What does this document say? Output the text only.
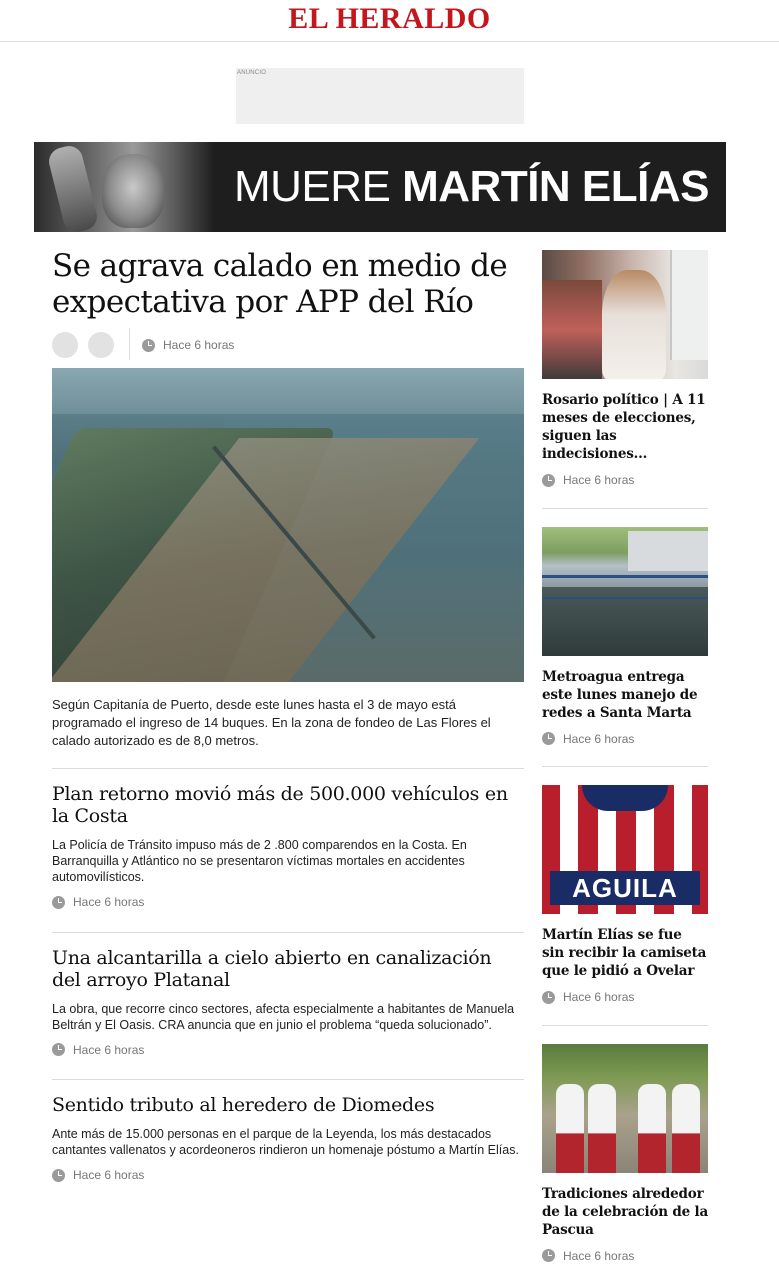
EL HERALDO
ANUNCIO
MUERE MARTÍN ELÍAS
Se agrava calado en medio de expectativa por APP del Río
Hace 6 horas

Según Capitanía de Puerto, desde este lunes hasta el 3 de mayo está programado el ingreso de 14 buques. En la zona de fondeo de Las Flores el calado autorizado es de 8,0 metros.

Plan retorno movió más de 500.000 vehículos en la Costa

La Policía de Tránsito impuso más de 2 .800 comparendos en la Costa. En Barranquilla y Atlántico no se presentaron víctimas mortales en accidentes automovilísticos.

Hace 6 horas
Una alcantarilla a cielo abierto en canalización del arroyo Platanal

La obra, que recorre cinco sectores, afecta especialmente a habitantes de Manuela Beltrán y El Oasis. CRA anuncia que en junio el problema “queda solucionado”.

Hace 6 horas
Sentido tributo al heredero de Diomedes

Ante más de 15.000 personas en el parque de la Leyenda, los más destacados cantantes vallenatos y acordeoneros rindieron un homenaje póstumo a Martín Elías.

Hace 6 horas
Rosario político | A 11 meses de elecciones, siguen las indecisiones...
Hace 6 horas
Metroagua entrega este lunes manejo de redes a Santa Marta
Hace 6 horas
AGUILA
Martín Elías se fue sin recibir la camiseta que le pidió a Ovelar
Hace 6 horas
Tradiciones alrededor de la celebración de la Pascua
Hace 6 horas
